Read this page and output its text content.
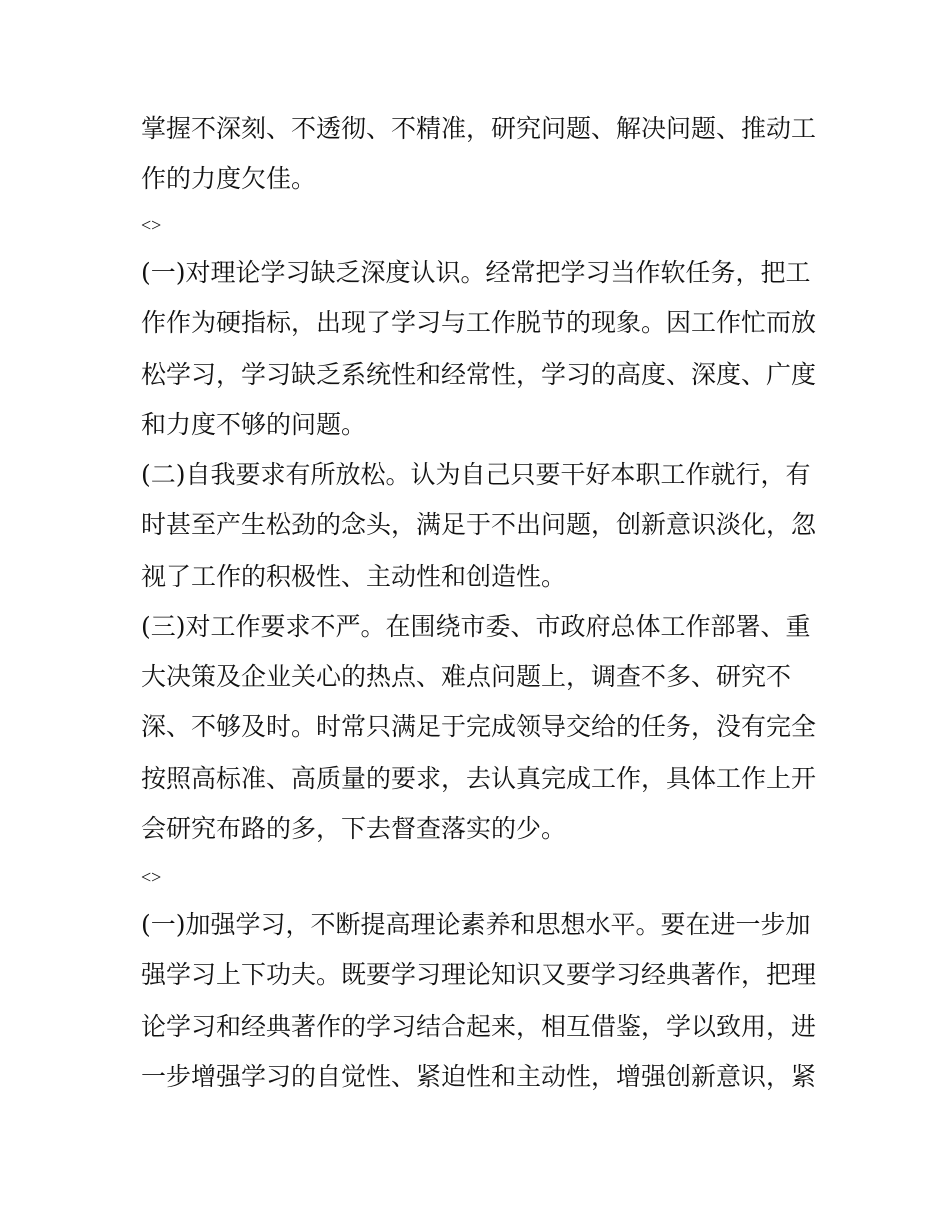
掌握不深刻、不透彻、不精准，研究问题、解决问题、推动工
作的力度欠佳。
<>
(一)对理论学习缺乏深度认识。经常把学习当作软任务，把工
作作为硬指标，出现了学习与工作脱节的现象。因工作忙而放
松学习，学习缺乏系统性和经常性，学习的高度、深度、广度
和力度不够的问题。
(二)自我要求有所放松。认为自己只要干好本职工作就行，有
时甚至产生松劲的念头，满足于不出问题，创新意识淡化，忽
视了工作的积极性、主动性和创造性。
(三)对工作要求不严。在围绕市委、市政府总体工作部署、重
大决策及企业关心的热点、难点问题上，调查不多、研究不
深、不够及时。时常只满足于完成领导交给的任务，没有完全
按照高标准、高质量的要求，去认真完成工作，具体工作上开
会研究布路的多，下去督查落实的少。
<>
(一)加强学习，不断提高理论素养和思想水平。要在进一步加
强学习上下功夫。既要学习理论知识又要学习经典著作，把理
论学习和经典著作的学习结合起来，相互借鉴，学以致用，进
一步增强学习的自觉性、紧迫性和主动性，增强创新意识，紧
